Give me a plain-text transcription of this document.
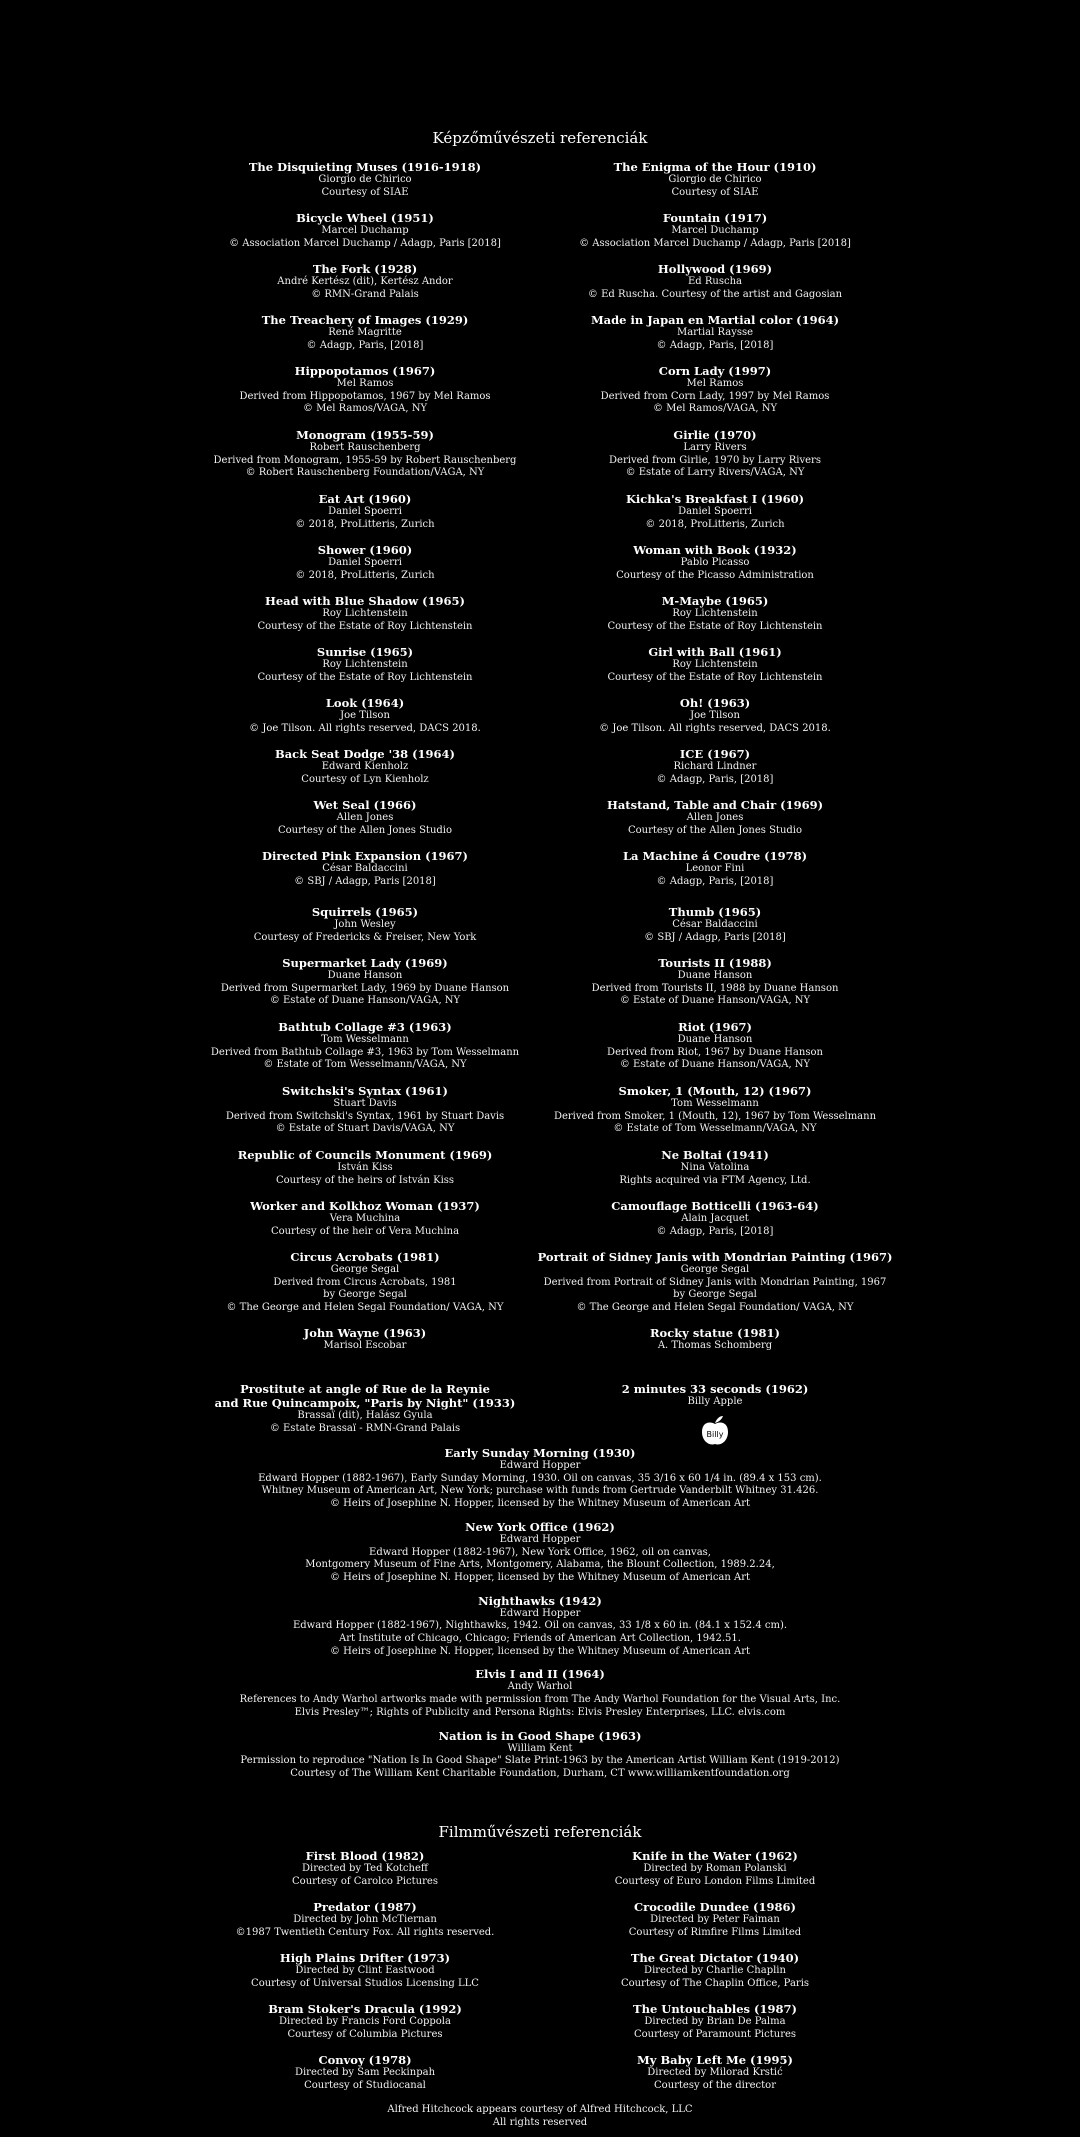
Képzőművészeti referenciák
The Disquieting Muses (1916-1918)
Giorgio de Chirico
Courtesy of SIAE
Bicycle Wheel (1951)
Marcel Duchamp
© Association Marcel Duchamp / Adagp, Paris [2018]
The Fork (1928)
André Kertész (dit), Kertész Andor
© RMN-Grand Palais
The Treachery of Images (1929)
René Magritte
© Adagp, Paris, [2018]
Hippopotamos (1967)
Mel Ramos
Derived from Hippopotamos, 1967 by Mel Ramos
© Mel Ramos/VAGA, NY
Monogram (1955-59)
Robert Rauschenberg
Derived from Monogram, 1955-59 by Robert Rauschenberg
© Robert Rauschenberg Foundation/VAGA, NY
Eat Art (1960)
Daniel Spoerri
© 2018, ProLitteris, Zurich
Shower (1960)
Daniel Spoerri
© 2018, ProLitteris, Zurich
Head with Blue Shadow (1965)
Roy Lichtenstein
Courtesy of the Estate of Roy Lichtenstein
Sunrise (1965)
Roy Lichtenstein
Courtesy of the Estate of Roy Lichtenstein
Look (1964)
Joe Tilson
© Joe Tilson. All rights reserved, DACS 2018.
Back Seat Dodge '38 (1964)
Edward Kienholz
Courtesy of Lyn Kienholz
Wet Seal (1966)
Allen Jones
Courtesy of the Allen Jones Studio
Directed Pink Expansion (1967)
César Baldaccini
© SBJ / Adagp, Paris [2018]
Squirrels (1965)
John Wesley
Courtesy of Fredericks & Freiser, New York
Supermarket Lady (1969)
Duane Hanson
Derived from Supermarket Lady, 1969 by Duane Hanson
© Estate of Duane Hanson/VAGA, NY
Bathtub Collage #3 (1963)
Tom Wesselmann
Derived from Bathtub Collage #3, 1963 by Tom Wesselmann
© Estate of Tom Wesselmann/VAGA, NY
Switchski's Syntax (1961)
Stuart Davis
Derived from Switchski's Syntax, 1961 by Stuart Davis
© Estate of Stuart Davis/VAGA, NY
Republic of Councils Monument (1969)
István Kiss
Courtesy of the heirs of István Kiss
Worker and Kolkhoz Woman (1937)
Vera Muchina
Courtesy of the heir of Vera Muchina
Circus Acrobats (1981)
George Segal
Derived from Circus Acrobats, 1981
by George Segal
© The George and Helen Segal Foundation/ VAGA, NY
John Wayne (1963)
Marisol Escobar
Prostitute at angle of Rue de la Reynie
and Rue Quincampoix, "Paris by Night" (1933)
Brassaï (dit), Halász Gyula
© Estate Brassaï - RMN-Grand Palais
The Enigma of the Hour (1910)
Giorgio de Chirico
Courtesy of SIAE
Fountain (1917)
Marcel Duchamp
© Association Marcel Duchamp / Adagp, Paris [2018]
Hollywood (1969)
Ed Ruscha
© Ed Ruscha. Courtesy of the artist and Gagosian
Made in Japan en Martial color (1964)
Martial Raysse
© Adagp, Paris, [2018]
Corn Lady (1997)
Mel Ramos
Derived from Corn Lady, 1997 by Mel Ramos
© Mel Ramos/VAGA, NY
Girlie (1970)
Larry Rivers
Derived from Girlie, 1970 by Larry Rivers
© Estate of Larry Rivers/VAGA, NY
Kichka's Breakfast I (1960)
Daniel Spoerri
© 2018, ProLitteris, Zurich
Woman with Book (1932)
Pablo Picasso
Courtesy of the Picasso Administration
M-Maybe (1965)
Roy Lichtenstein
Courtesy of the Estate of Roy Lichtenstein
Girl with Ball (1961)
Roy Lichtenstein
Courtesy of the Estate of Roy Lichtenstein
Oh! (1963)
Joe Tilson
© Joe Tilson. All rights reserved, DACS 2018.
ICE (1967)
Richard Lindner
© Adagp, Paris, [2018]
Hatstand, Table and Chair (1969)
Allen Jones
Courtesy of the Allen Jones Studio
La Machine á Coudre (1978)
Leonor Fini
© Adagp, Paris, [2018]
Thumb (1965)
César Baldaccini
© SBJ / Adagp, Paris [2018]
Tourists II (1988)
Duane Hanson
Derived from Tourists II, 1988 by Duane Hanson
© Estate of Duane Hanson/VAGA, NY
Riot (1967)
Duane Hanson
Derived from Riot, 1967 by Duane Hanson
© Estate of Duane Hanson/VAGA, NY
Smoker, 1 (Mouth, 12) (1967)
Tom Wesselmann
Derived from Smoker, 1 (Mouth, 12), 1967 by Tom Wesselmann
© Estate of Tom Wesselmann/VAGA, NY
Ne Boltai (1941)
Nina Vatolina
Rights acquired via FTM Agency, Ltd.
Camouflage Botticelli (1963-64)
Alain Jacquet
© Adagp, Paris, [2018]
Portrait of Sidney Janis with Mondrian Painting (1967)
George Segal
Derived from Portrait of Sidney Janis with Mondrian Painting, 1967
by George Segal
© The George and Helen Segal Foundation/ VAGA, NY
Rocky statue (1981)
A. Thomas Schomberg
2 minutes 33 seconds (1962)
Billy Apple
Billy
Early Sunday Morning (1930)
Edward Hopper
Edward Hopper (1882-1967), Early Sunday Morning, 1930. Oil on canvas, 35 3/16 x 60 1/4 in. (89.4 x 153 cm).
Whitney Museum of American Art, New York; purchase with funds from Gertrude Vanderbilt Whitney 31.426.
© Heirs of Josephine N. Hopper, licensed by the Whitney Museum of American Art
New York Office (1962)
Edward Hopper
Edward Hopper (1882-1967), New York Office, 1962, oil on canvas,
Montgomery Museum of Fine Arts, Montgomery, Alabama, the Blount Collection, 1989.2.24,
© Heirs of Josephine N. Hopper, licensed by the Whitney Museum of American Art
Nighthawks (1942)
Edward Hopper
Edward Hopper (1882-1967), Nighthawks, 1942. Oil on canvas, 33 1/8 x 60 in. (84.1 x 152.4 cm).
Art Institute of Chicago, Chicago; Friends of American Art Collection, 1942.51.
© Heirs of Josephine N. Hopper, licensed by the Whitney Museum of American Art
Elvis I and II (1964)
Andy Warhol
References to Andy Warhol artworks made with permission from The Andy Warhol Foundation for the Visual Arts, Inc.
Elvis Presley™; Rights of Publicity and Persona Rights: Elvis Presley Enterprises, LLC. elvis.com
Nation is in Good Shape (1963)
William Kent
Permission to reproduce "Nation Is In Good Shape" Slate Print-1963 by the American Artist William Kent (1919-2012)
Courtesy of The William Kent Charitable Foundation, Durham, CT www.williamkentfoundation.org
Filmművészeti referenciák
First Blood (1982)
Directed by Ted Kotcheff
Courtesy of Carolco Pictures
Predator (1987)
Directed by John McTiernan
©1987 Twentieth Century Fox. All rights reserved.
High Plains Drifter (1973)
Directed by Clint Eastwood
Courtesy of Universal Studios Licensing LLC
Bram Stoker's Dracula (1992)
Directed by Francis Ford Coppola
Courtesy of Columbia Pictures
Convoy (1978)
Directed by Sam Peckinpah
Courtesy of Studiocanal
Knife in the Water (1962)
Directed by Roman Polanski
Courtesy of Euro London Films Limited
Crocodile Dundee (1986)
Directed by Peter Faiman
Courtesy of Rimfire Films Limited
The Great Dictator (1940)
Directed by Charlie Chaplin
Courtesy of The Chaplin Office, Paris
The Untouchables (1987)
Directed by Brian De Palma
Courtesy of Paramount Pictures
My Baby Left Me (1995)
Directed by Milorad Krstić
Courtesy of the director
Alfred Hitchcock appears courtesy of Alfred Hitchcock, LLC
All rights reserved
